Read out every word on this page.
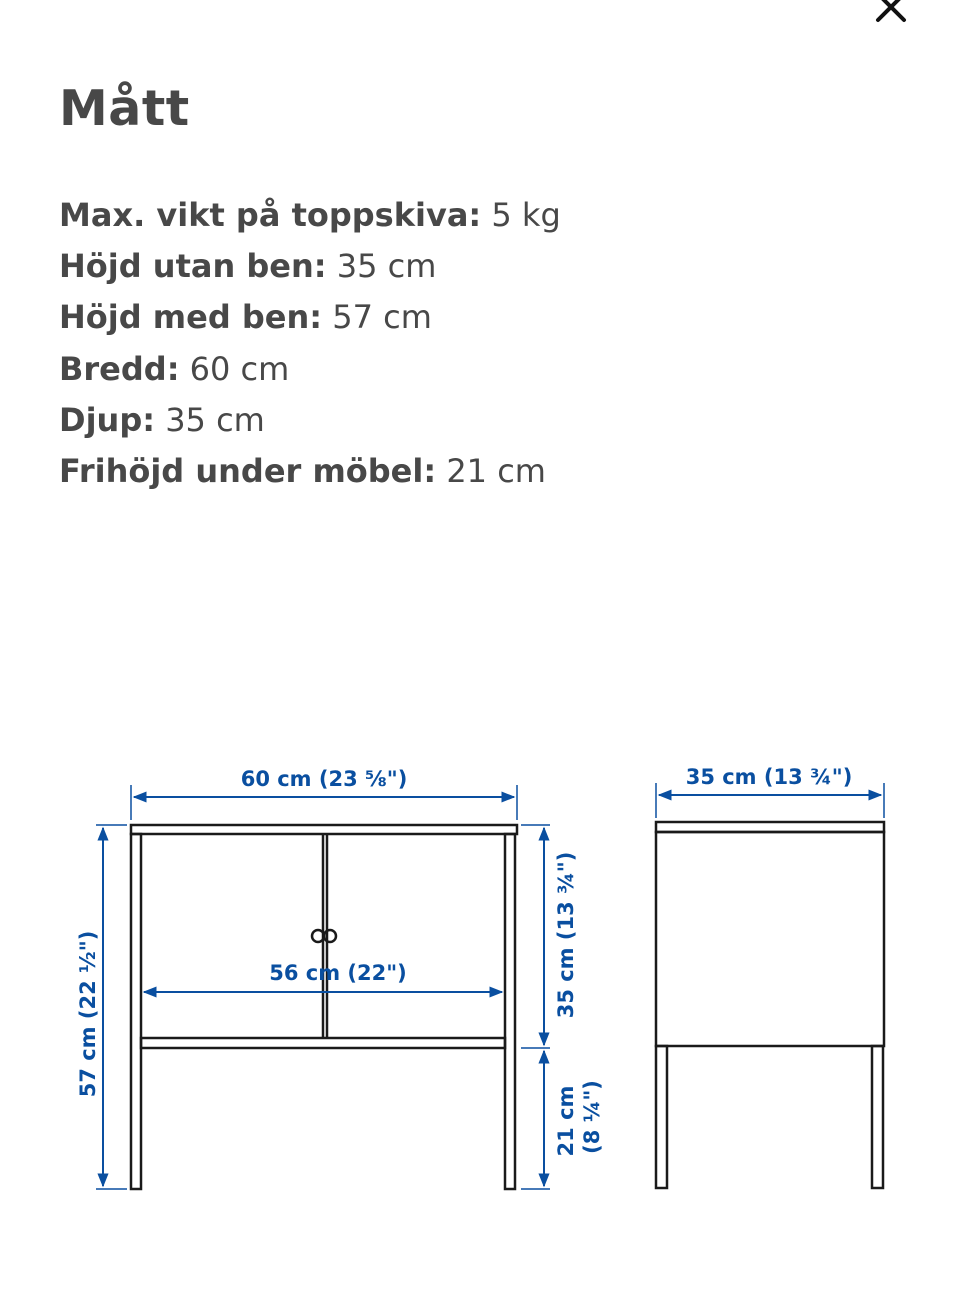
Mått
Max. vikt på toppskiva: 5 kg
Höjd utan ben: 35 cm
Höjd med ben: 57 cm
Bredd: 60 cm
Djup: 35 cm
Frihöjd under möbel: 21 cm
60 cm (23 ⅝")
56 cm (22")
57 cm (22 ½")	35 cm (13 ¾")
21 cm (8 ¼")
35 cm (13 ¾")
